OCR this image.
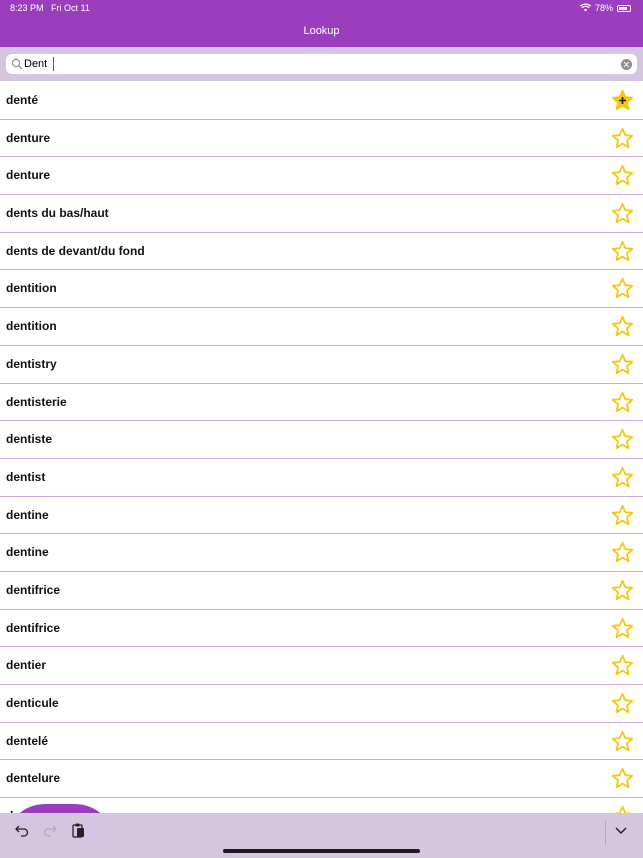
8:23 PM Fri Oct 11	78%
Lookup
Dent
denté
denture
denture
dents du bas/haut
dents de devant/du fond
dentition
dentition
dentistry
dentisterie
dentiste
dentist
dentine
dentine
dentifrice
dentifrice
dentier
denticule
dentelé
dentelure
